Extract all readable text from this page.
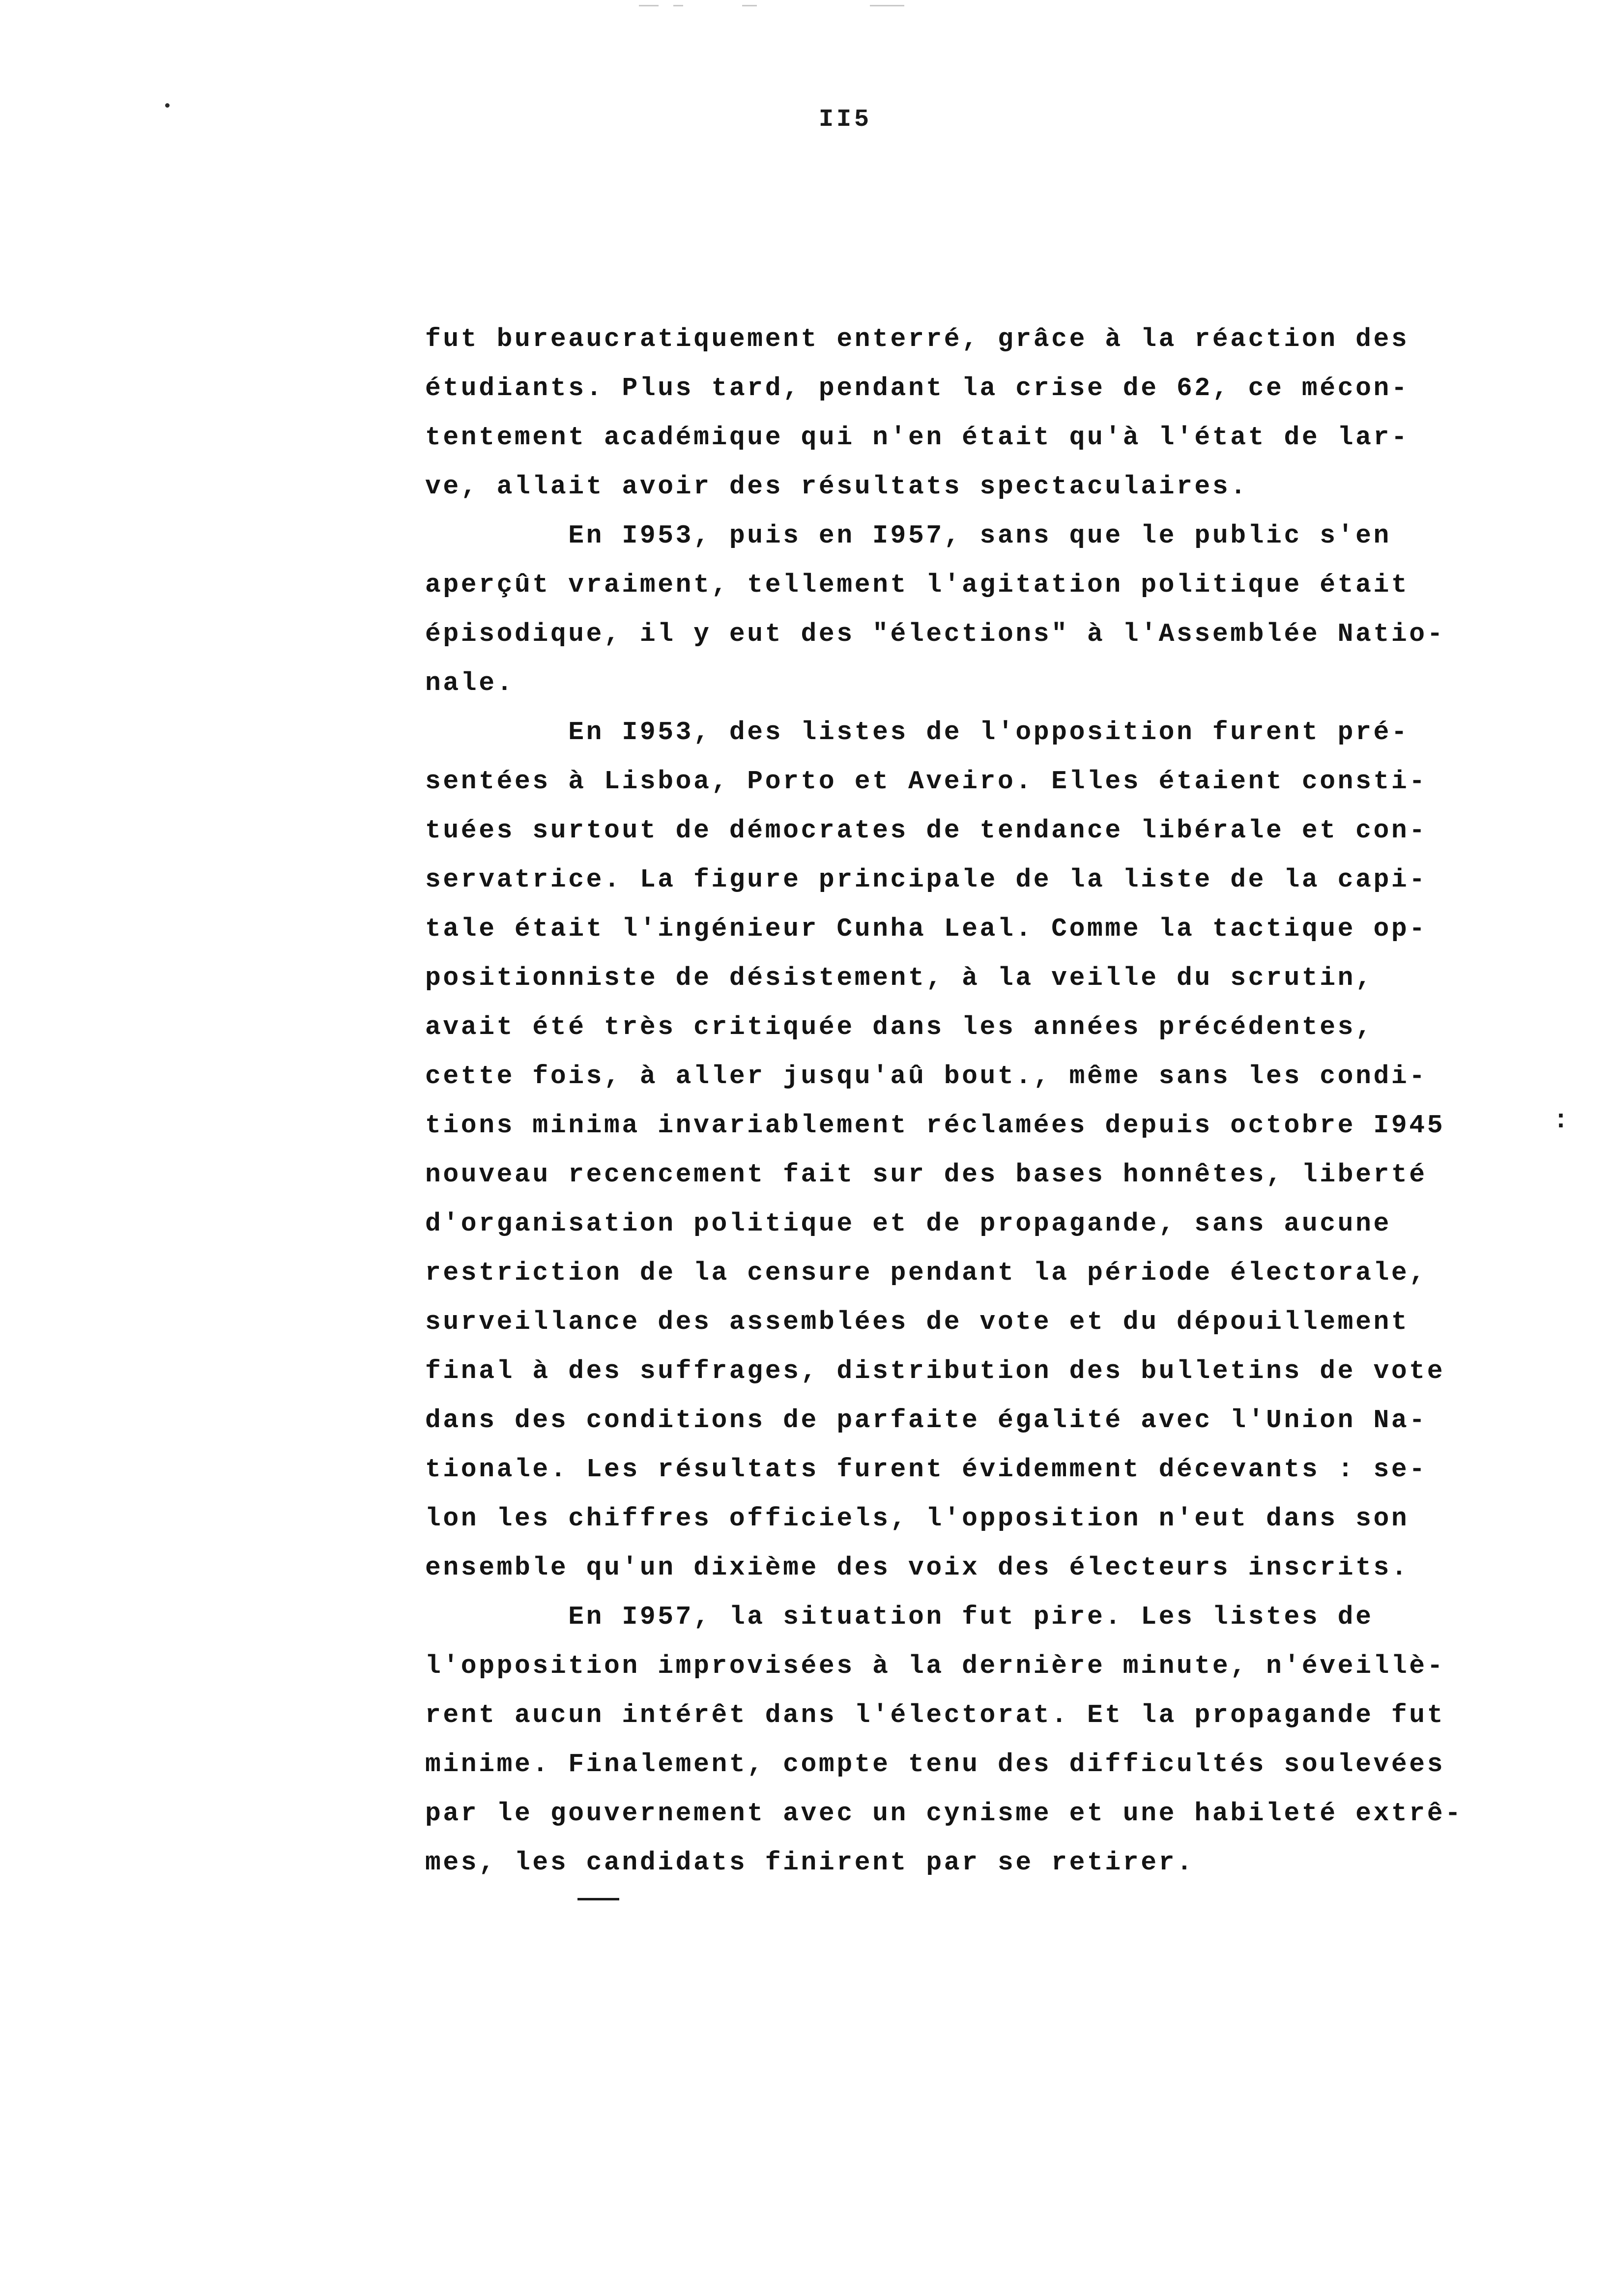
II5
fut bureaucratiquement enterré, grâce à la réaction des
étudiants. Plus tard, pendant la crise de 62, ce mécon-
tentement académique qui n'en était qu'à l'état de lar-
ve, allait avoir des résultats spectaculaires.
En I953, puis en I957, sans que le public s'en
aperçût vraiment, tellement l'agitation politique était
épisodique, il y eut des "élections" à l'Assemblée Natio-
nale.
En I953, des listes de l'opposition furent pré-
sentées à Lisboa, Porto et Aveiro. Elles étaient consti-
tuées surtout de démocrates de tendance libérale et con-
servatrice. La figure principale de la liste de la capi-
tale était l'ingénieur Cunha Leal. Comme la tactique op-
positionniste de désistement, à la veille du scrutin,
avait été très critiquée dans les années précédentes,
cette fois, à aller jusqu'aû bout., même sans les condi-
tions minima invariablement réclamées depuis octobre I945
nouveau recencement fait sur des bases honnêtes, liberté
d'organisation politique et de propagande, sans aucune
restriction de la censure pendant la période électorale,
surveillance des assemblées de vote et du dépouillement
final à des suffrages, distribution des bulletins de vote
dans des conditions de parfaite égalité avec l'Union Na-
tionale. Les résultats furent évidemment décevants : se-
lon les chiffres officiels, l'opposition n'eut dans son
ensemble qu'un dixième des voix des électeurs inscrits.
En I957, la situation fut pire. Les listes de
l'opposition improvisées à la dernière minute, n'éveillè-
rent aucun intérêt dans l'électorat. Et la propagande fut
minime. Finalement, compte tenu des difficultés soulevées
par le gouvernement avec un cynisme et une habileté extrê-
mes, les candidats finirent par se retirer.
:
